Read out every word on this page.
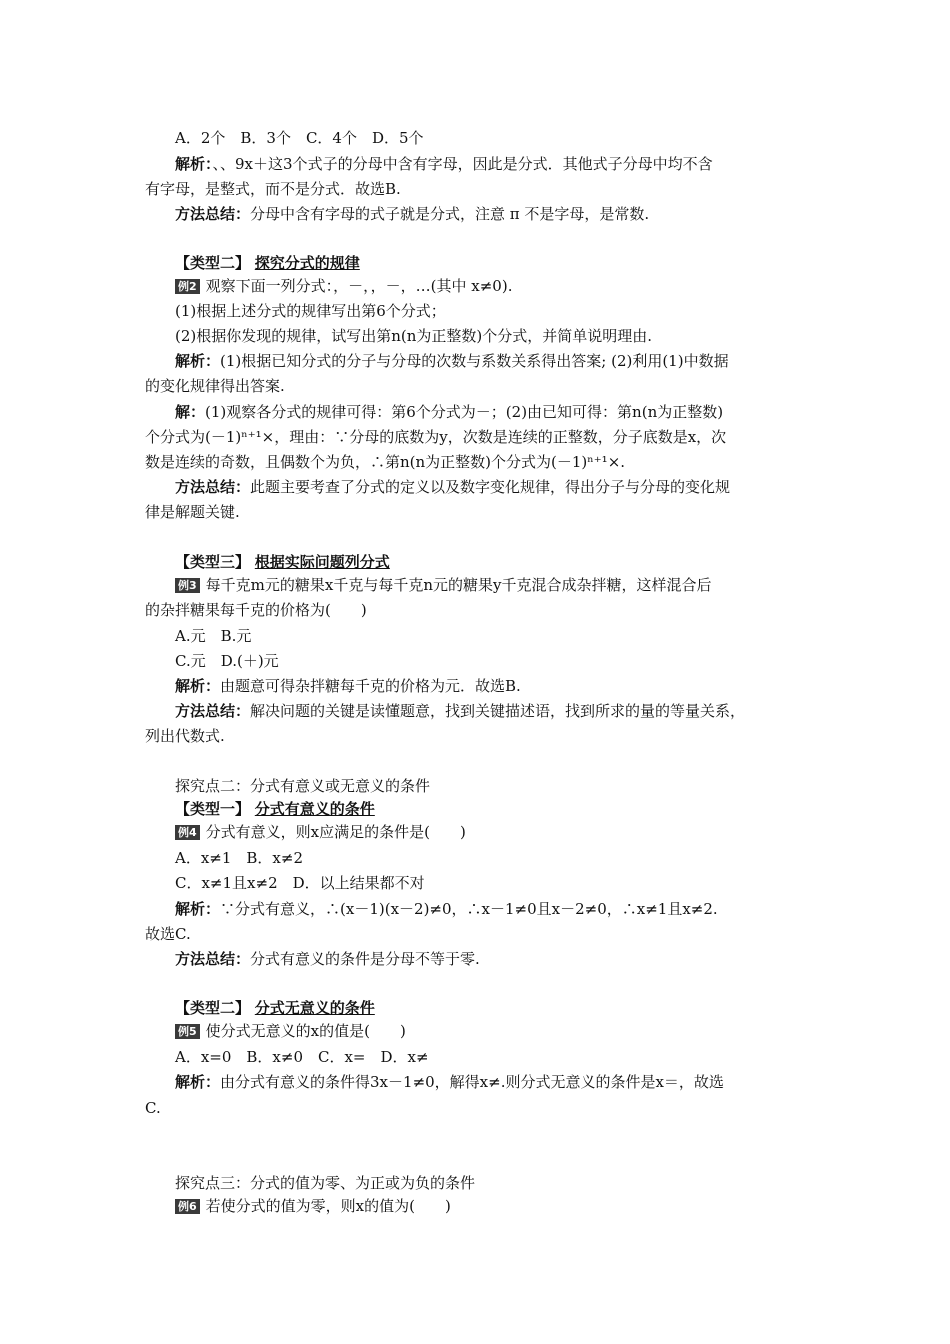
A．2个　B．3个　C．4个　D．5个
解析：、、9x＋这3个式子的分母中含有字母，因此是分式．其他式子分母中均不含
有字母，是整式，而不是分式．故选B.
方法总结：分母中含有字母的式子就是分式，注意 π 不是字母，是常数.
【类型二】 探究分式的规律
例2 观察下面一列分式：，－，，－，…(其中 x≠0).
(1)根据上述分式的规律写出第6个分式；
(2)根据你发现的规律，试写出第n(n为正整数)个分式，并简单说明理由.
解析：(1)根据已知分式的分子与分母的次数与系数关系得出答案; (2)利用(1)中数据
的变化规律得出答案.
解：(1)观察各分式的规律可得：第6个分式为－；(2)由已知可得：第n(n为正整数)
个分式为(－1)ⁿ⁺¹×，理由：∵分母的底数为y，次数是连续的正整数，分子底数是x，次
数是连续的奇数，且偶数个为负，∴第n(n为正整数)个分式为(－1)ⁿ⁺¹×.
方法总结：此题主要考查了分式的定义以及数字变化规律，得出分子与分母的变化规
律是解题关键.
【类型三】 根据实际问题列分式
例3 每千克m元的糖果x千克与每千克n元的糖果y千克混合成杂拌糖，这样混合后
的杂拌糖果每千克的价格为(　　)
A.元　B.元
C.元　D.(＋)元
解析：由题意可得杂拌糖每千克的价格为元．故选B.
方法总结：解决问题的关键是读懂题意，找到关键描述语，找到所求的量的等量关系，
列出代数式.
探究点二：分式有意义或无意义的条件
【类型一】 分式有意义的条件
例4 分式有意义，则x应满足的条件是(　　)
A．x≠1　B．x≠2
C．x≠1且x≠2　D．以上结果都不对
解析：∵分式有意义，∴(x－1)(x－2)≠0，∴x－1≠0且x－2≠0，∴x≠1且x≠2.
故选C.
方法总结：分式有意义的条件是分母不等于零.
【类型二】 分式无意义的条件
例5 使分式无意义的x的值是(　　)
A．x=0　B．x≠0　C．x=　D．x≠
解析：由分式有意义的条件得3x－1≠0，解得x≠.则分式无意义的条件是x＝，故选
C.
探究点三：分式的值为零、为正或为负的条件
例6 若使分式的值为零，则x的值为(　　)
